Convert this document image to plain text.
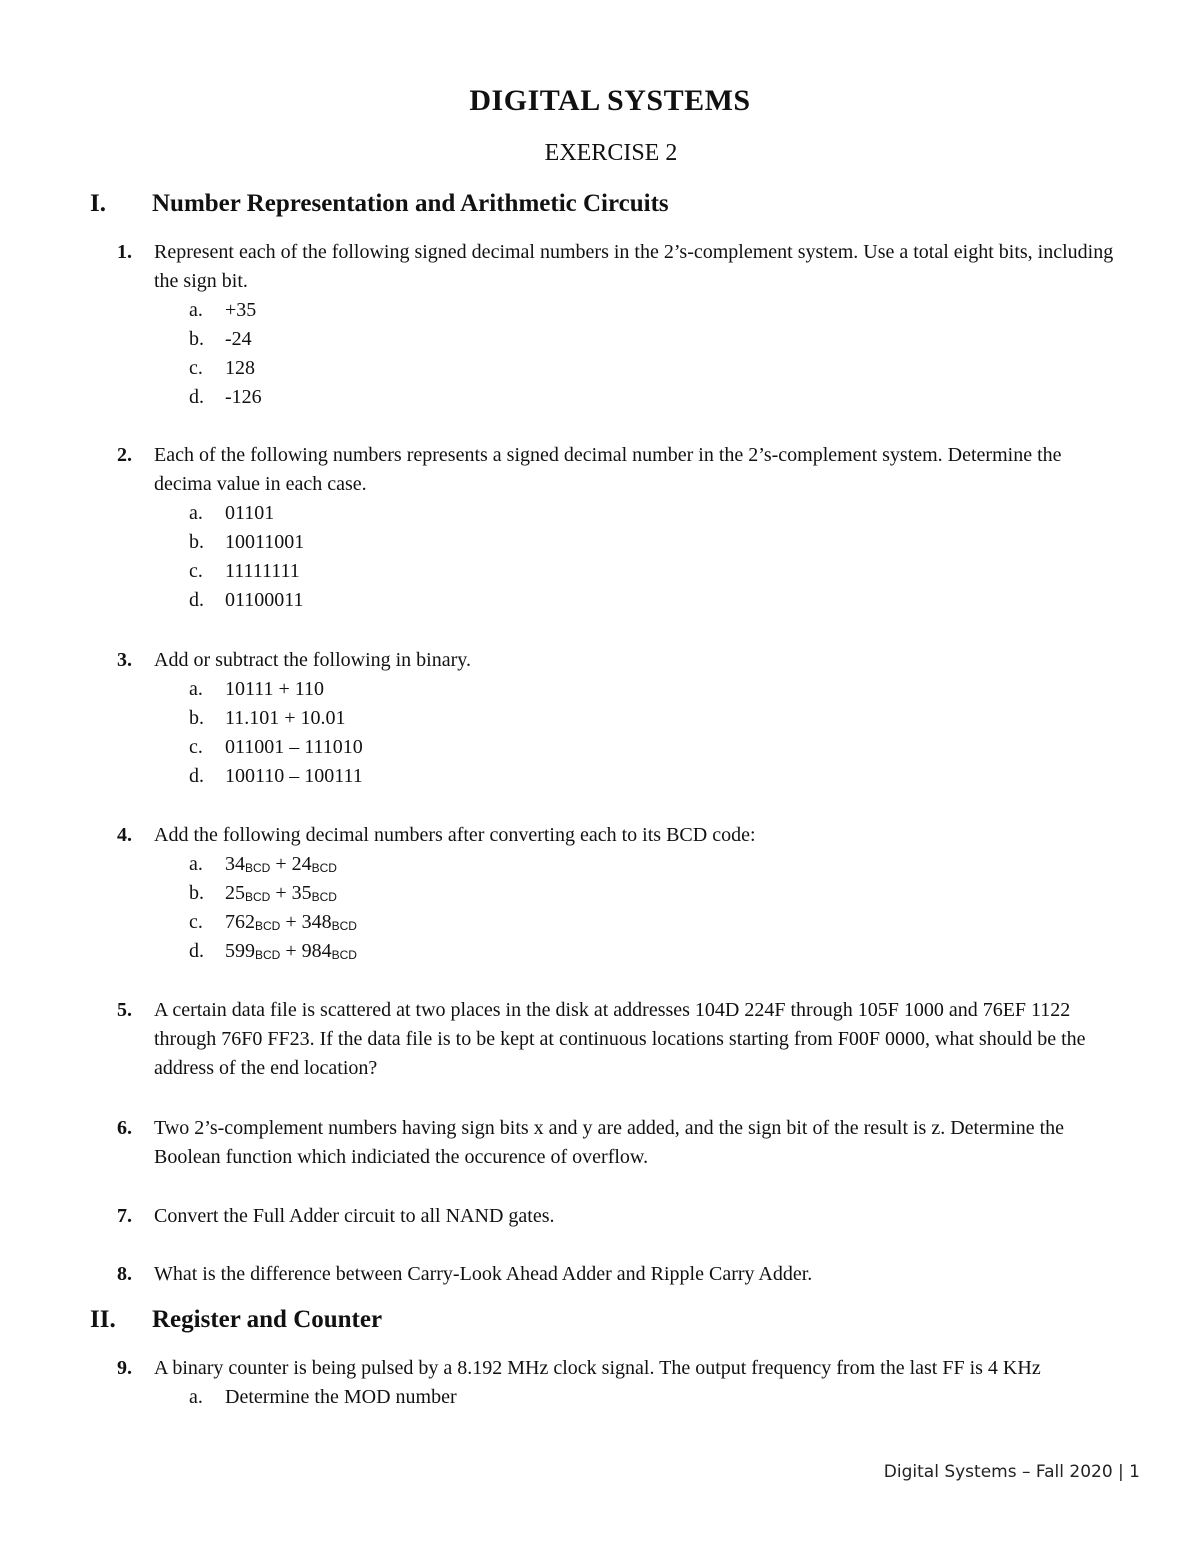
DIGITAL SYSTEMS
EXERCISE 2
I. Number Representation and Arithmetic Circuits
1. Represent each of the following signed decimal numbers in the 2’s-complement system. Use a total eight bits, including the sign bit.
a. +35
b. -24
c. 128
d. -126
2. Each of the following numbers represents a signed decimal number in the 2’s-complement system. Determine the decima value in each case.
a. 01101
b. 10011001
c. 11111111
d. 01100011
3. Add or subtract the following in binary.
a. 10111 + 110
b. 11.101 + 10.01
c. 011001 – 111010
d. 100110 – 100111
4. Add the following decimal numbers after converting each to its BCD code:
a. $34_{BCD} + 24_{BCD}$
b. $25_{BCD} + 35_{BCD}$
c. $762_{BCD} + 348_{BCD}$
d. $599_{BCD} + 984_{BCD}$
5. A certain data file is scattered at two places in the disk at addresses 104D 224F through 105F 1000 and 76EF 1122 through 76F0 FF23. If the data file is to be kept at continuous locations starting from F00F 0000, what should be the address of the end location?
6. Two 2’s-complement numbers having sign bits x and y are added, and the sign bit of the result is z. Determine the Boolean function which indiciated the occurence of overflow.
7. Convert the Full Adder circuit to all NAND gates.
8. What is the difference between Carry-Look Ahead Adder and Ripple Carry Adder.
II. Register and Counter
9. A binary counter is being pulsed by a 8.192 MHz clock signal. The output frequency from the last FF is 4 KHz
a. Determine the MOD number
Digital Systems – Fall 2020 | 1
